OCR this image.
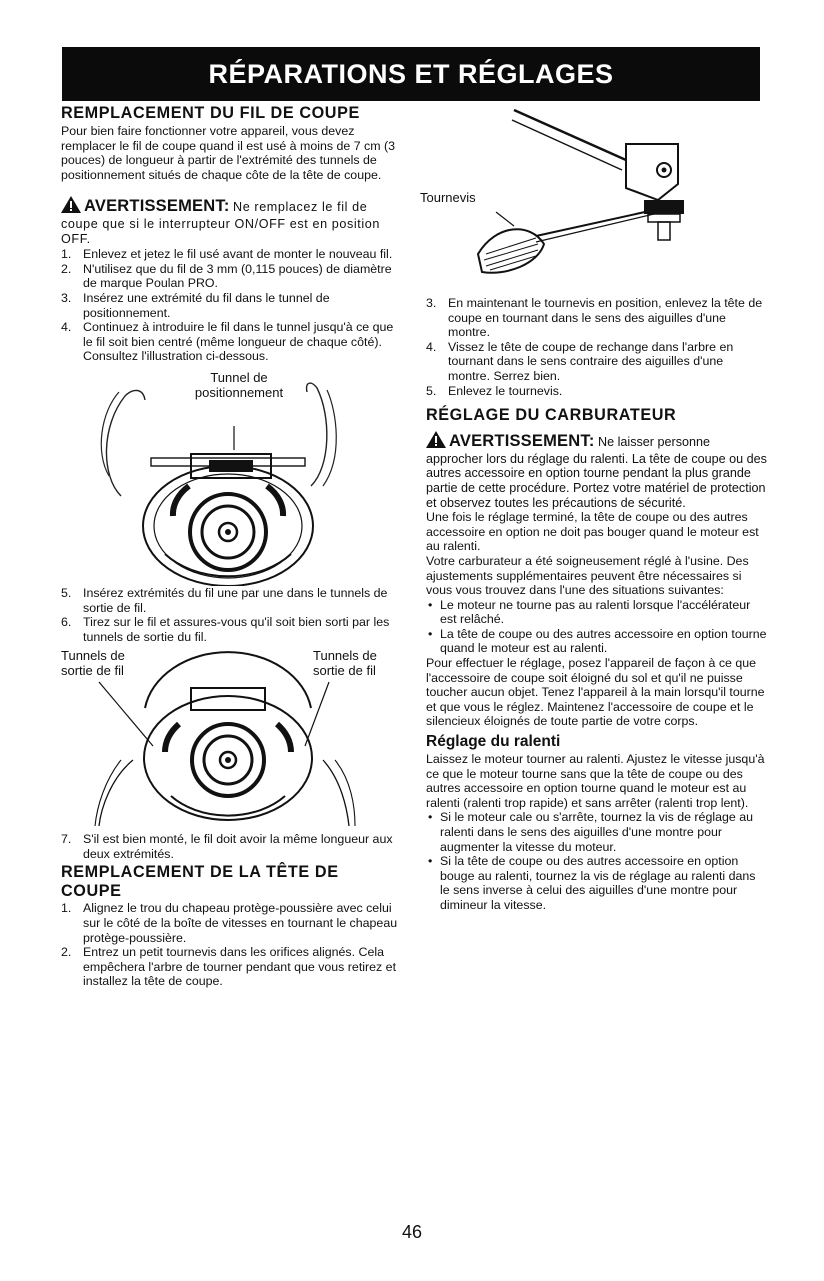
RÉPARATIONS ET RÉGLAGES
REMPLACEMENT DU FIL DE COUPE

Pour bien faire fonctionner votre appareil, vous devez remplacer le fil de coupe quand il est usé à moins de 7 cm (3 pouces) de longueur à partir de l'extrémité des tunnels de positionnement situés de chaque côte de la tête de coupe.

AVERTISSEMENT: Ne remplacez le fil de coupe que si le interrupteur ON/OFF est en position OFF.
1. Enlevez et jetez le fil usé avant de monter le nouveau fil.
2. N'utilisez que du fil de 3 mm (0,115 pouces) de diamètre de marque Poulan PRO.
3. Insérez une extrémité du fil dans le tunnel de positionnement.
4. Continuez à introduire le fil dans le tunnel jusqu'à ce que le fil soit bien centré (même longueur de chaque côté). Consultez l'illustration ci-dessous.
Tunnel de positionnement
5. Insérez extrémités du fil une par une dans le tunnels de sortie de fil.
6. Tirez sur le fil et assures-vous qu'il soit bien sorti par les tunnels de sortie du fil.
Tunnels de sortie de fil
Tunnels de sortie de fil
7. S'il est bien monté, le fil doit avoir la même longueur aux deux extrémités.
REMPLACEMENT DE LA TÊTE DE COUPE
1. Alignez le trou du chapeau protège-poussière avec celui sur le côté de la boîte de vitesses en tournant le chapeau protège-poussière.
2. Entrez un petit tournevis dans les orifices alignés. Cela empêchera l'arbre de tourner pendant que vous retirez et installez la tête de coupe.
Tournevis
3. En maintenant le tournevis en position, enlevez la tête de coupe en tournant dans le sens des aiguilles d'une montre.
4. Vissez le tête de coupe de rechange dans l'arbre en tournant dans le sens contraire des aiguilles d'une montre. Serrez bien.
5. Enlevez le tournevis.
RÉGLAGE DU CARBURATEUR
AVERTISSEMENT: Ne laisser personne approcher lors du réglage du ralenti. La tête de coupe ou des autres accessoire en option tourne pendant la plus grande partie de cette procédure. Portez votre matériel de protection et observez toutes les précautions de sécurité.

Une fois le réglage terminé, la tête de coupe ou des autres accessoire en option ne doit pas bouger quand le moteur est au ralenti.

Votre carburateur a été soigneusement réglé à l'usine. Des ajustements supplémentaires peuvent être nécessaires si vous vous trouvez dans l'une des situations suivantes:

• Le moteur ne tourne pas au ralenti lorsque l'accélérateur est relâché.
• La tête de coupe ou des autres accessoire en option tourne quand le moteur est au ralenti.

Pour effectuer le réglage, posez l'appareil de façon à ce que l'accessoire de coupe soit éloigné du sol et qu'il ne puisse toucher aucun objet. Tenez l'appareil à la main lorsqu'il tourne et que vous le réglez. Maintenez l'accessoire de coupe et le silencieux éloignés de toute partie de votre corps.

Réglage du ralenti

Laissez le moteur tourner au ralenti. Ajustez le vitesse jusqu'à ce que le moteur tourne sans que la tête de coupe ou des autres accessoire en option tourne quand le moteur est au ralenti (ralenti trop rapide) et sans arrêter (ralenti trop lent).

• Si le moteur cale ou s'arrête, tournez la vis de réglage au ralenti dans le sens des aiguilles d'une montre pour augmenter la vitesse du moteur.
• Si la tête de coupe ou des autres accessoire en option bouge au ralenti, tournez la vis de réglage au ralenti dans le sens inverse à celui des aiguilles d'une montre pour dimineur la vitesse.
46
